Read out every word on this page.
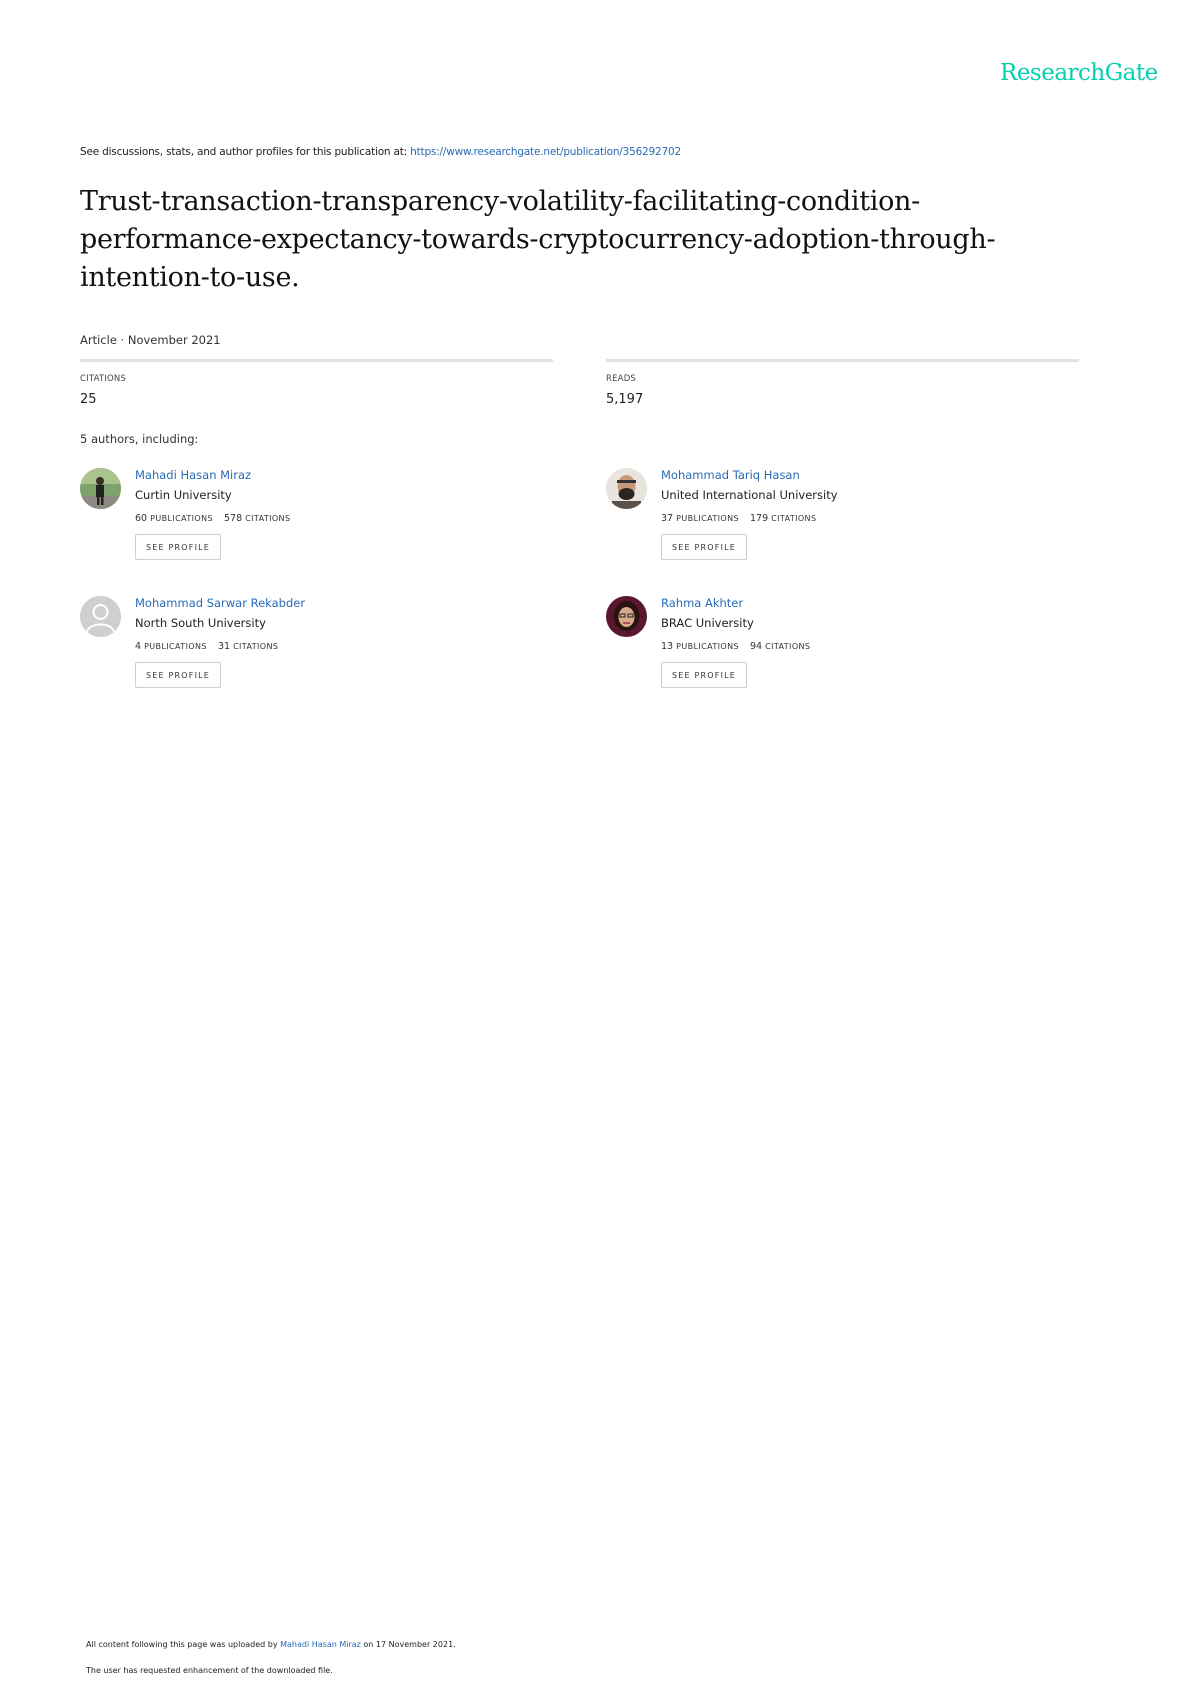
ResearchGate
See discussions, stats, and author profiles for this publication at: https://www.researchgate.net/publication/356292702
Trust-transaction-transparency-volatility-facilitating-condition-performance-expectancy-towards-cryptocurrency-adoption-through-intention-to-use.
Article · November 2021
CITATIONS
25
READS
5,197
5 authors, including:
Mahadi Hasan Miraz
Curtin University
60 PUBLICATIONS 578 CITATIONS
SEE PROFILE
Mohammad Tariq Hasan
United International University
37 PUBLICATIONS 179 CITATIONS
SEE PROFILE
Mohammad Sarwar Rekabder
North South University
4 PUBLICATIONS 31 CITATIONS
SEE PROFILE
Rahma Akhter
BRAC University
13 PUBLICATIONS 94 CITATIONS
SEE PROFILE
All content following this page was uploaded by Mahadi Hasan Miraz on 17 November 2021.
The user has requested enhancement of the downloaded file.
